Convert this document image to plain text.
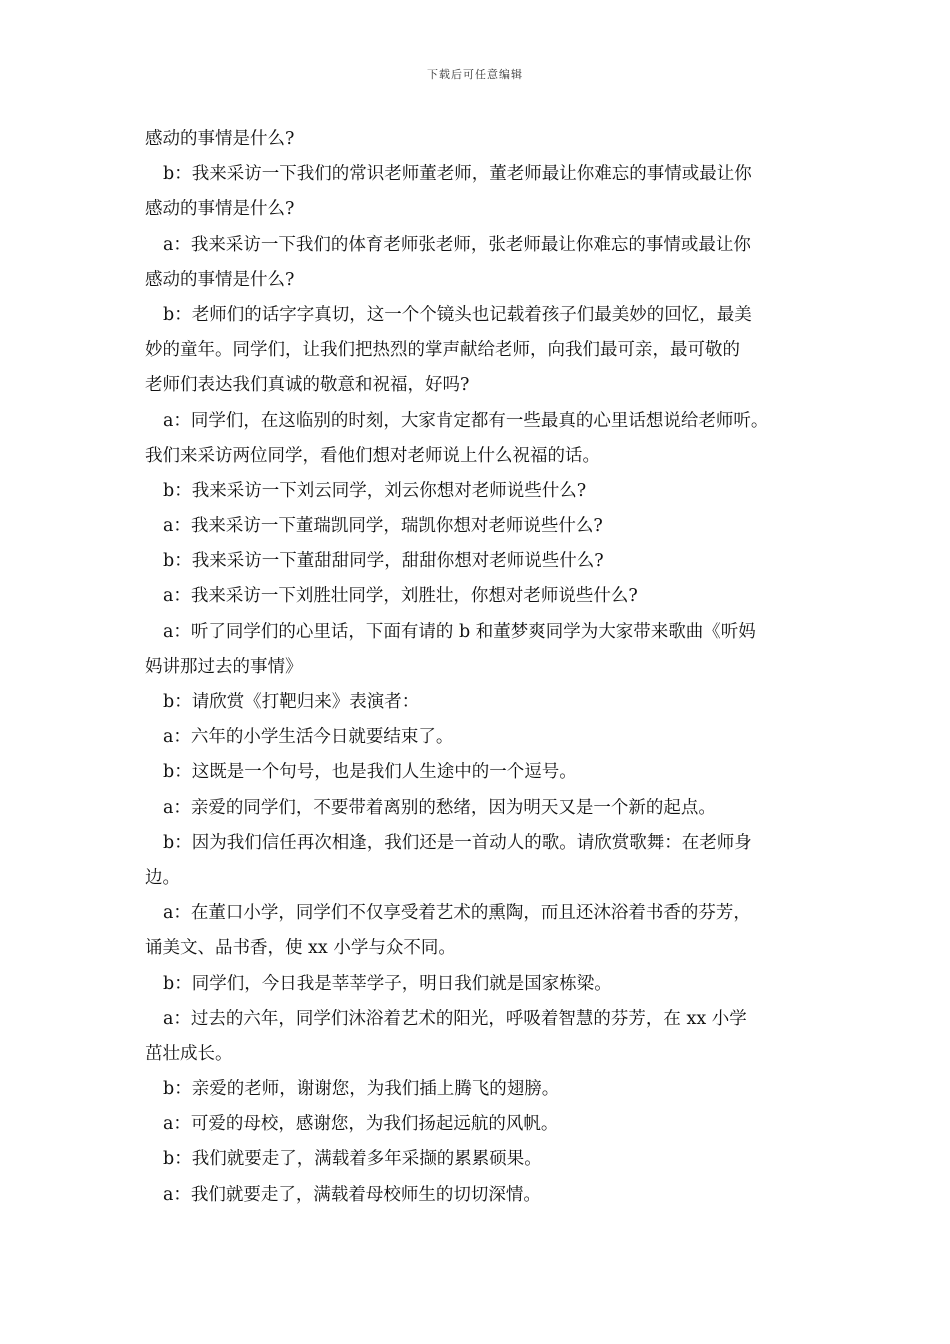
下载后可任意编辑
感动的事情是什么?
b：我来采访一下我们的常识老师董老师，董老师最让你难忘的事情或最让你
感动的事情是什么?
a：我来采访一下我们的体育老师张老师，张老师最让你难忘的事情或最让你
感动的事情是什么?
b：老师们的话字字真切，这一个个镜头也记载着孩子们最美妙的回忆，最美
妙的童年。同学们，让我们把热烈的掌声献给老师，向我们最可亲，最可敬的
老师们表达我们真诚的敬意和祝福，好吗?
a：同学们，在这临别的时刻，大家肯定都有一些最真的心里话想说给老师听。
我们来采访两位同学，看他们想对老师说上什么祝福的话。
b：我来采访一下刘云同学，刘云你想对老师说些什么?
a：我来采访一下董瑞凯同学，瑞凯你想对老师说些什么?
b：我来采访一下董甜甜同学，甜甜你想对老师说些什么?
a：我来采访一下刘胜壮同学，刘胜壮，你想对老师说些什么?
a：听了同学们的心里话，下面有请的 b 和董梦爽同学为大家带来歌曲《听妈
妈讲那过去的事情》
b：请欣赏《打靶归来》表演者：
a：六年的小学生活今日就要结束了。
b：这既是一个句号，也是我们人生途中的一个逗号。
a：亲爱的同学们，不要带着离别的愁绪，因为明天又是一个新的起点。
b：因为我们信任再次相逢，我们还是一首动人的歌。请欣赏歌舞：在老师身
边。
a：在董口小学，同学们不仅享受着艺术的熏陶，而且还沐浴着书香的芬芳，
诵美文、品书香，使 xx 小学与众不同。
b：同学们，今日我是莘莘学子，明日我们就是国家栋梁。
a：过去的六年，同学们沐浴着艺术的阳光，呼吸着智慧的芬芳，在 xx 小学
茁壮成长。
b：亲爱的老师，谢谢您，为我们插上腾飞的翅膀。
a：可爱的母校，感谢您，为我们扬起远航的风帆。
b：我们就要走了，满载着多年采撷的累累硕果。
a：我们就要走了，满载着母校师生的切切深情。
